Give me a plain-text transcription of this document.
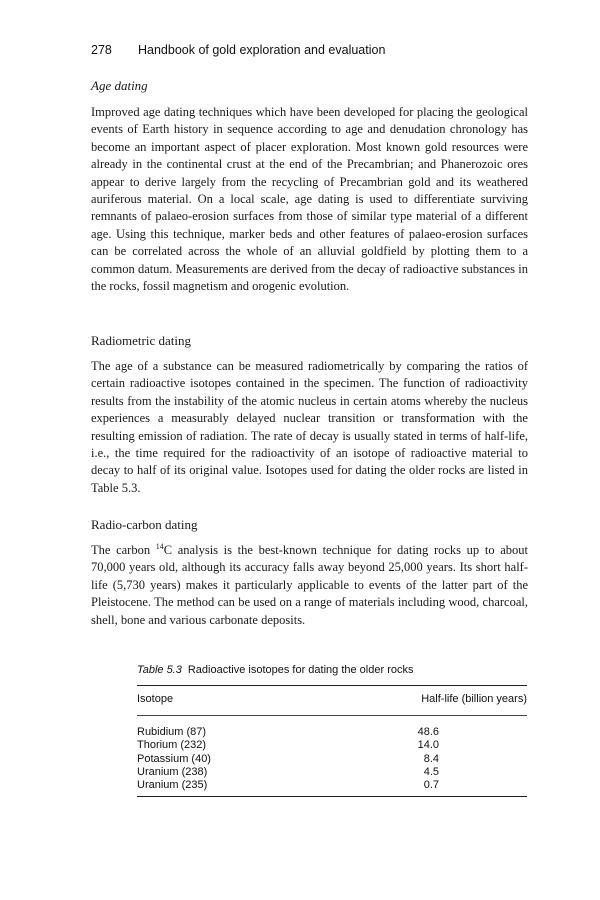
278 Handbook of gold exploration and evaluation
Age dating

Improved age dating techniques which have been developed for placing the geological events of Earth history in sequence according to age and denudation chronology has become an important aspect of placer exploration. Most known gold resources were already in the continental crust at the end of the Precambrian; and Phanerozoic ores appear to derive largely from the recycling of Precambrian gold and its weathered auriferous material. On a local scale, age dating is used to differentiate surviving remnants of palaeo-erosion surfaces from those of similar type material of a different age. Using this technique, marker beds and other features of palaeo-erosion surfaces can be correlated across the whole of an alluvial goldfield by plotting them to a common datum. Measurements are derived from the decay of radioactive substances in the rocks, fossil magnetism and orogenic evolution.

Radiometric dating

The age of a substance can be measured radiometrically by comparing the ratios of certain radioactive isotopes contained in the specimen. The function of radioactivity results from the instability of the atomic nucleus in certain atoms whereby the nucleus experiences a measurably delayed nuclear transition or transformation with the resulting emission of radiation. The rate of decay is usually stated in terms of half-life, i.e., the time required for the radioactivity of an isotope of radioactive material to decay to half of its original value. Isotopes used for dating the older rocks are listed in Table 5.3.

Radio-carbon dating

The carbon $^{14}$C analysis is the best-known technique for dating rocks up to about 70,000 years old, although its accuracy falls away beyond 25,000 years. Its short half-life (5,730 years) makes it particularly applicable to events of the latter part of the Pleistocene. The method can be used on a range of materials including wood, charcoal, shell, bone and various carbonate deposits.

Table 5.3 Radioactive isotopes for dating the older rocks
Isotope	Half-life (billion years)
Rubidium (87)	48.6
Thorium (232)	14.0
Potassium (40)	8.4
Uranium (238)	4.5
Uranium (235)	0.7
